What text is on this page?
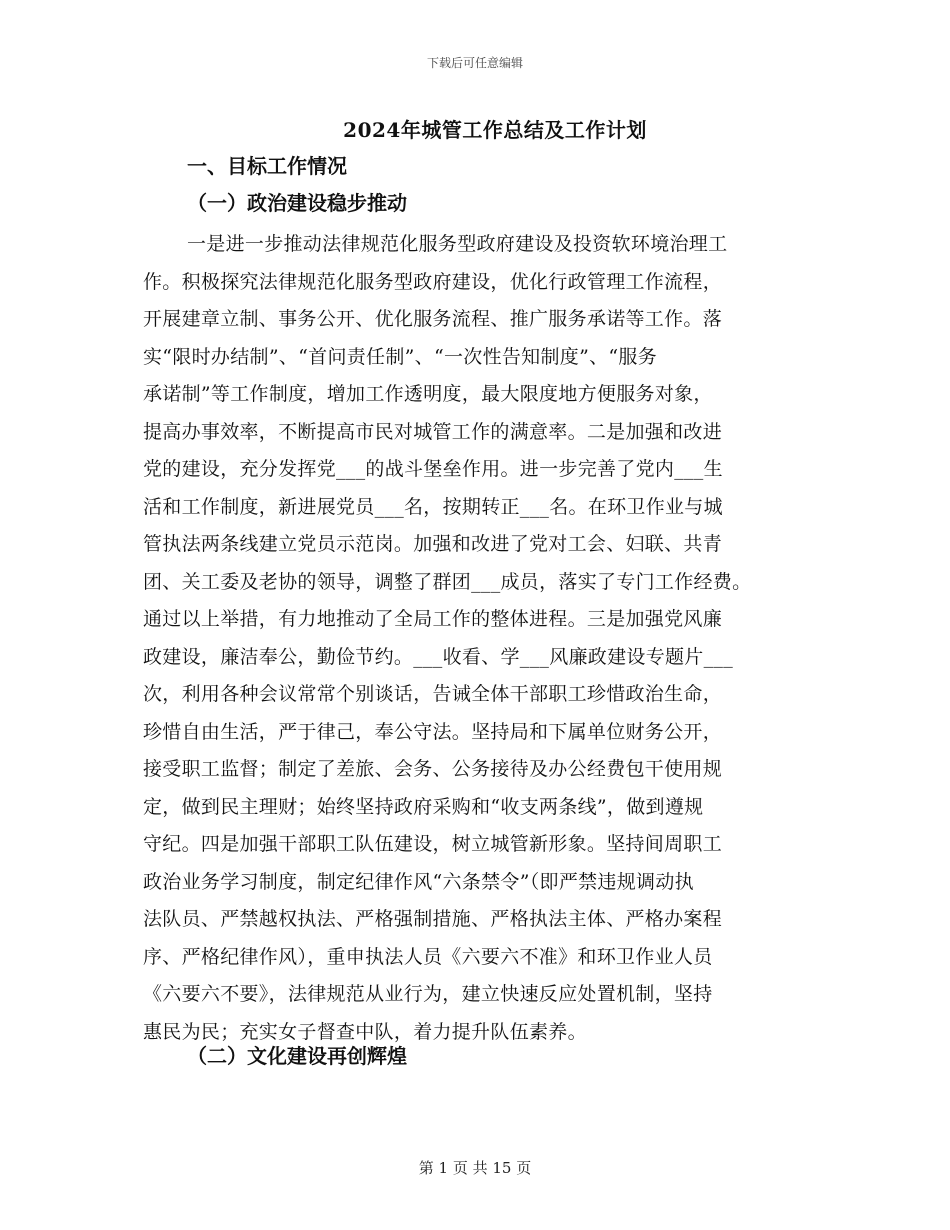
下载后可任意编辑
2024年城管工作总结及工作计划
一、目标工作情况
（一）政治建设稳步推动
一是进一步推动法律规范化服务型政府建设及投资软环境治理工
作。积极探究法律规范化服务型政府建设，优化行政管理工作流程，
开展建章立制、事务公开、优化服务流程、推广服务承诺等工作。落
实“限时办结制”、“首问责任制”、“一次性告知制度”、“服务
承诺制”等工作制度，增加工作透明度，最大限度地方便服务对象，
提高办事效率，不断提高市民对城管工作的满意率。二是加强和改进
党的建设，充分发挥党___的战斗堡垒作用。进一步完善了党内___生
活和工作制度，新进展党员___名，按期转正___名。在环卫作业与城
管执法两条线建立党员示范岗。加强和改进了党对工会、妇联、共青
团、关工委及老协的领导，调整了群团___成员，落实了专门工作经费。
通过以上举措，有力地推动了全局工作的整体进程。三是加强党风廉
政建设，廉洁奉公，勤俭节约。___收看、学___风廉政建设专题片___
次，利用各种会议常常个别谈话，告诫全体干部职工珍惜政治生命，
珍惜自由生活，严于律己，奉公守法。坚持局和下属单位财务公开，
接受职工监督；制定了差旅、会务、公务接待及办公经费包干使用规
定，做到民主理财；始终坚持政府采购和“收支两条线”，做到遵规
守纪。四是加强干部职工队伍建设，树立城管新形象。坚持间周职工
政治业务学习制度，制定纪律作风“六条禁令”（即严禁违规调动执
法队员、严禁越权执法、严格强制措施、严格执法主体、严格办案程
序、严格纪律作风），重申执法人员《六要六不准》和环卫作业人员
《六要六不要》，法律规范从业行为，建立快速反应处置机制，坚持
惠民为民；充实女子督查中队，着力提升队伍素养。
（二）文化建设再创辉煌
第 1 页 共 15 页
